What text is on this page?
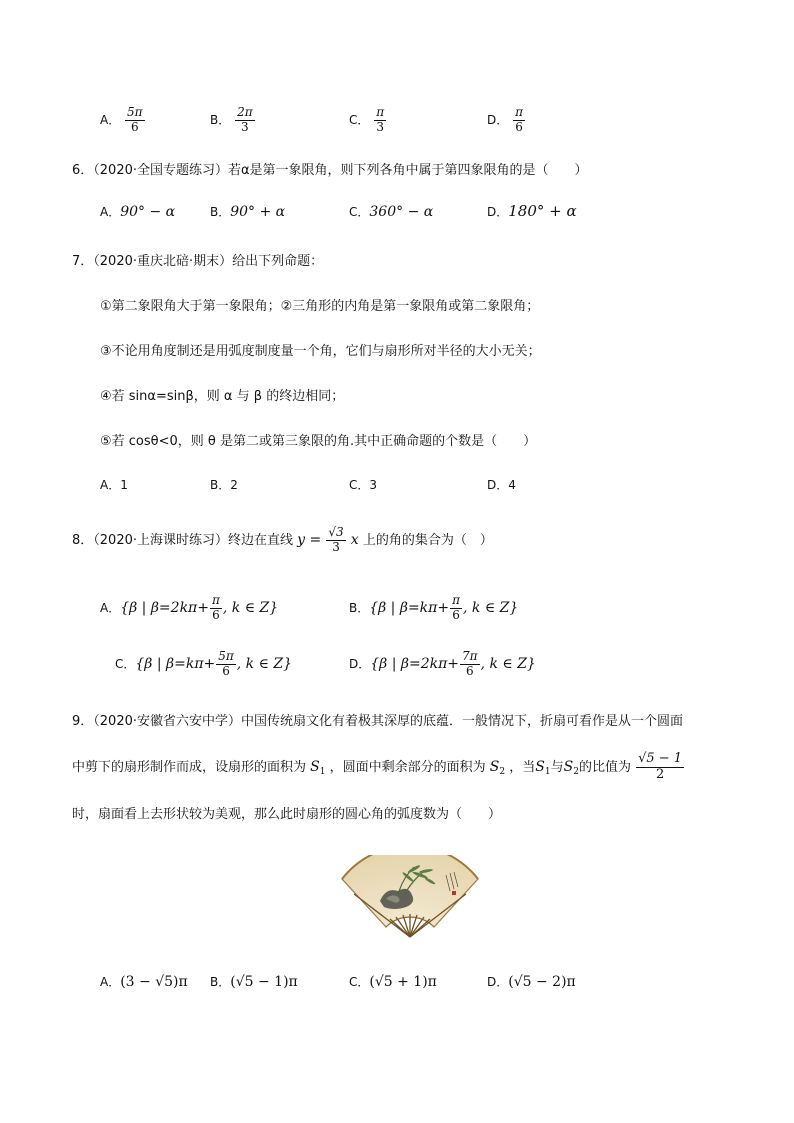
A． $\frac{5\pi}{6}$	B． $\frac{2\pi}{3}$	C． $\frac{\pi}{3}$	D． $\frac{\pi}{6}$
6．（2020·全国专题练习）若α是第一象限角，则下列各角中属于第四象限角的是（　　）
A．90° − α	B．90° + α	C．360° − α	D．180° + α
7．（2020·重庆北碚·期末）给出下列命题：
①第二象限角大于第一象限角；②三角形的内角是第一象限角或第二象限角；
③不论用角度制还是用弧度制度量一个角，它们与扇形所对半径的大小无关；
④若 sinα=sinβ，则 α 与 β 的终边相同；
⑤若 cosθ<0，则 θ 是第二或第三象限的角.其中正确命题的个数是（　　）
A．1	B．2	C．3	D．4
8．（2020·上海课时练习）终边在直线 $y = \frac{√3}{3}$ x 上的角的集合为（　）
A．{β | $\beta=2k\pi+ \frac{\pi}{6}$ , k ∈ Z}	B．{β | $\beta=k\pi+ \frac{\pi}{6}$ , k ∈ Z}
C．{β | $\beta=k\pi+ \frac{5\pi}{6}$ , k ∈ Z}	D．{β | $\beta=2k\pi+ \frac{7\pi}{6}$ , k ∈ Z}
9．（2020·安徽省六安中学）中国传统扇文化有着极其深厚的底蕴．一般情况下，折扇可看作是从一个圆面
中剪下的扇形制作而成，设扇形的面积为 $S_1$ ，圆面中剩余部分的面积为 $S_2$ ，当$S_1$与$S_2$的比值为 $\frac{√5 - 1}{2}$
时，扇面看上去形状较为美观，那么此时扇形的圆心角的弧度数为（　　）
A．(3 − √5)π B．(√5 − 1)π	C．(√5 + 1)π	D．(√5 − 2)π
